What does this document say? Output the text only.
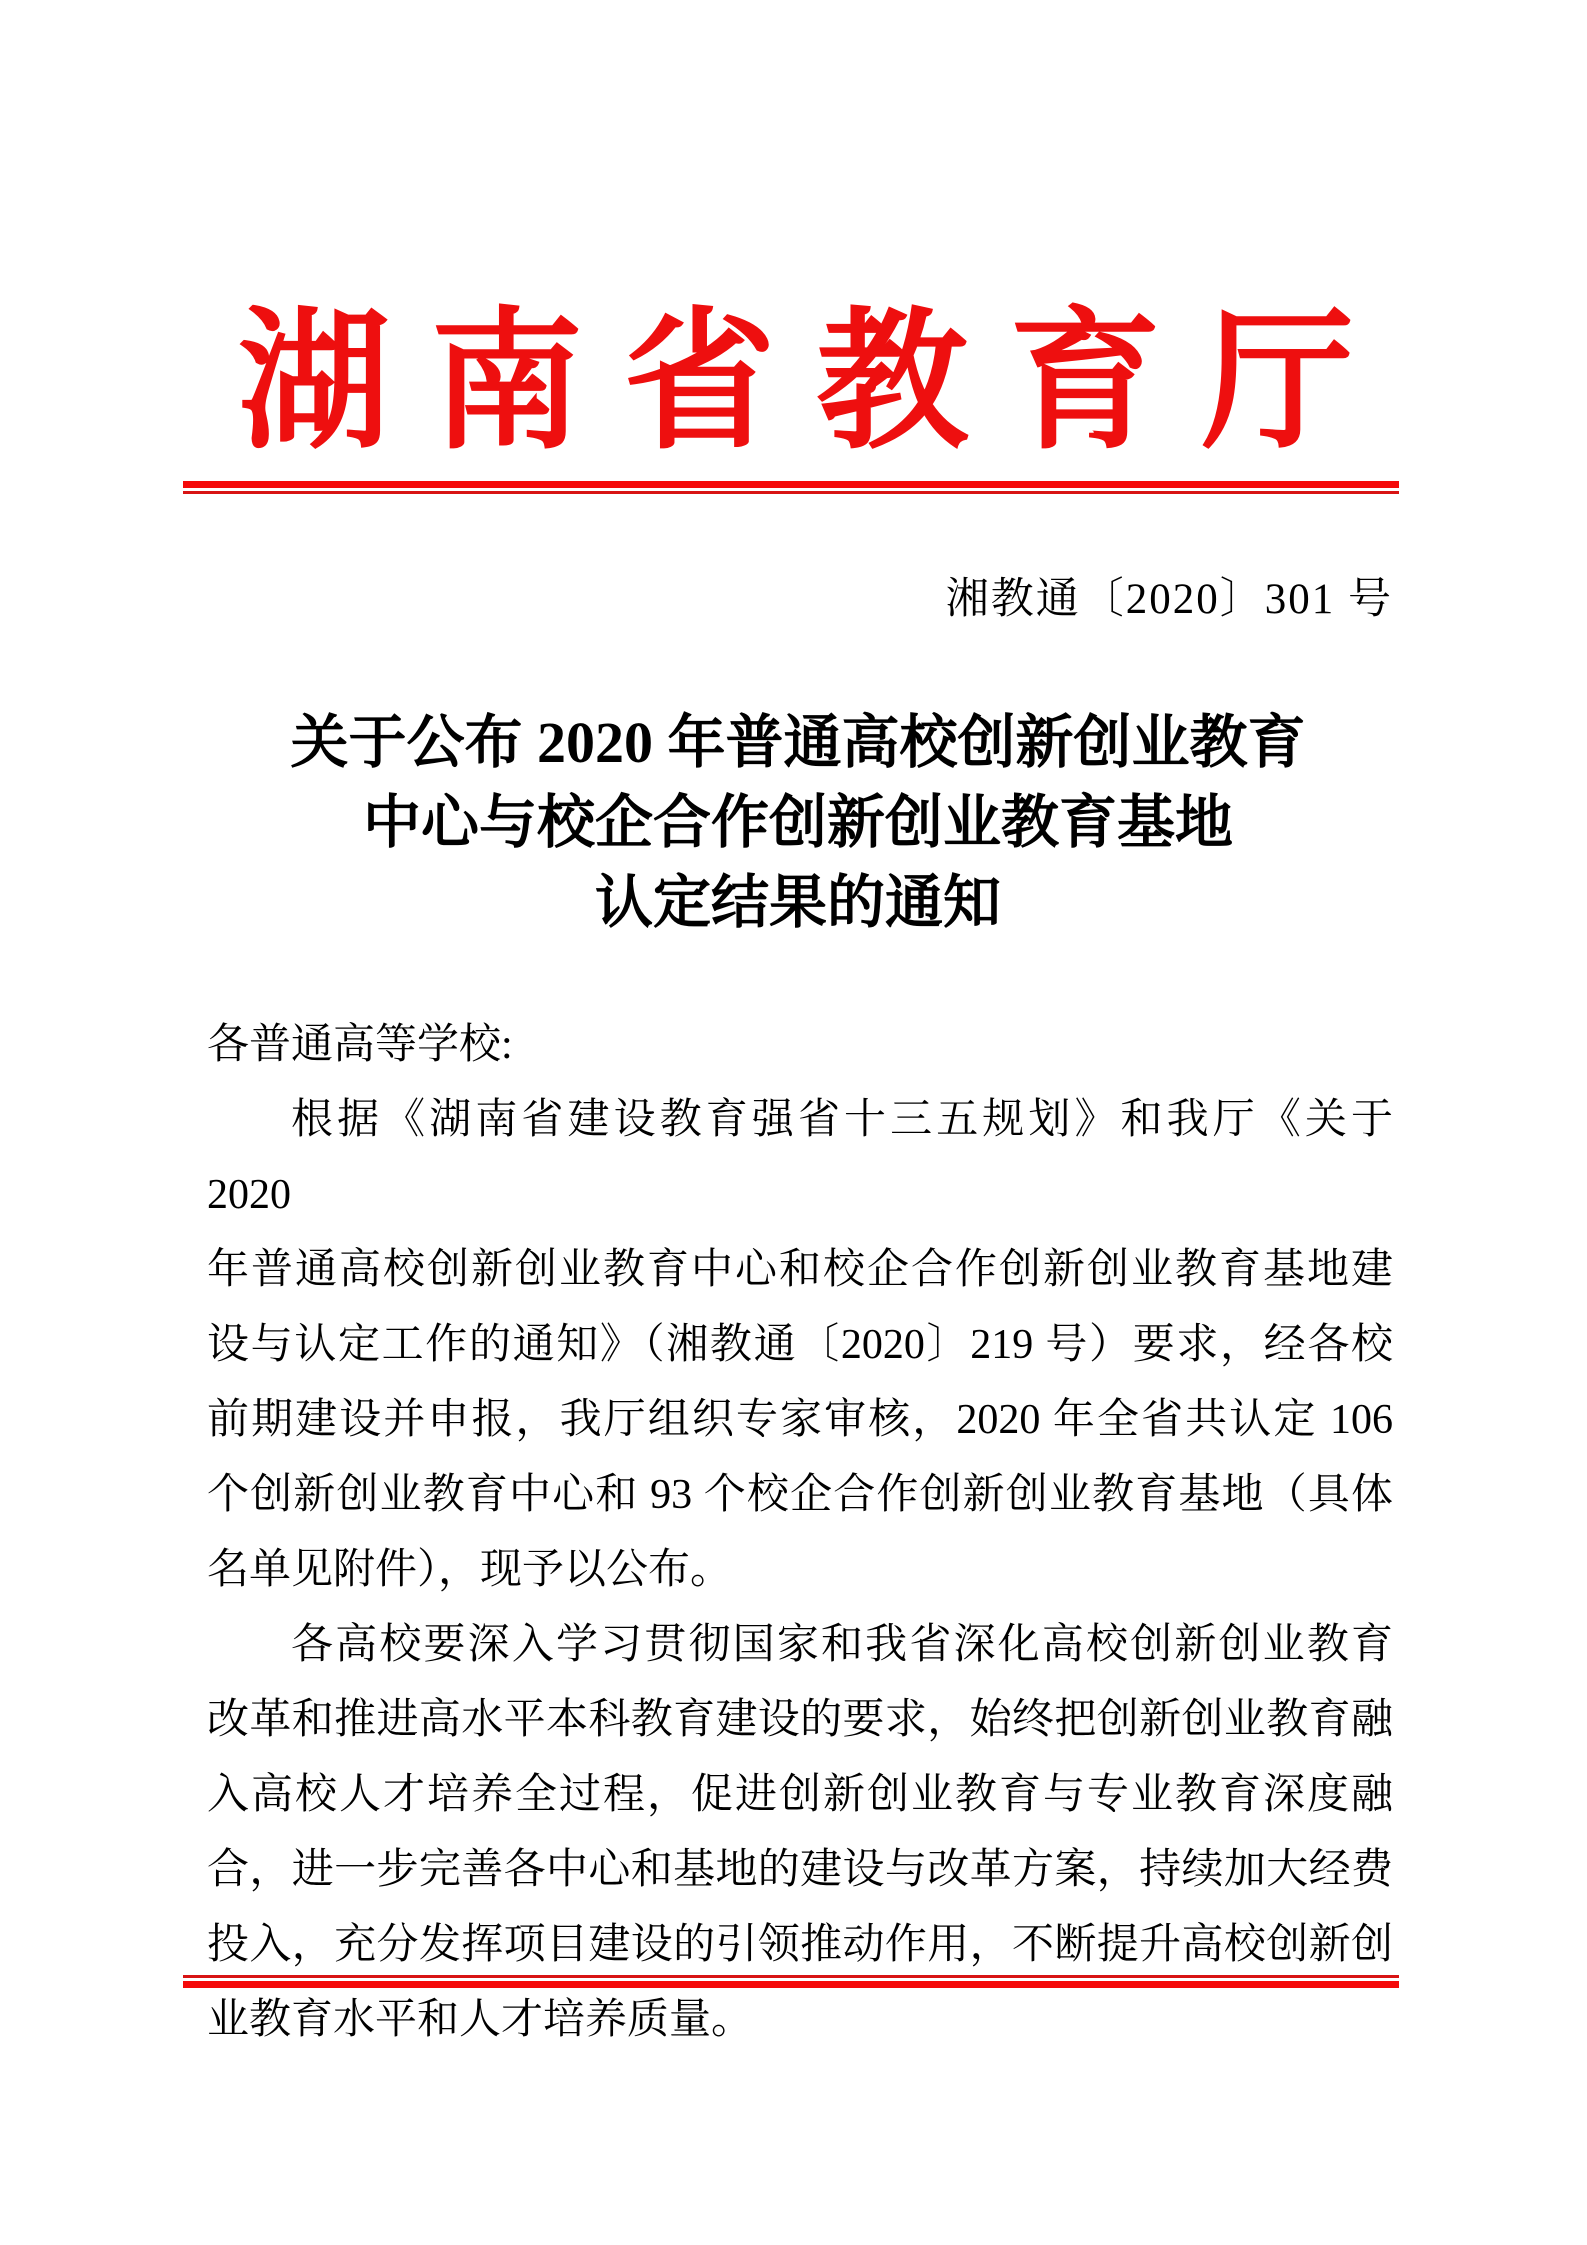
湖 南 省 教 育 厅
湘教通〔2020〕301 号
关于公布 2020 年普通高校创新创业教育
中心与校企合作创新创业教育基地
认定结果的通知
各普通高等学校:
根据《湖南省建设教育强省十三五规划》和我厅《关于 2020
年普通高校创新创业教育中心和校企合作创新创业教育基地建
设与认定工作的通知》（湘教通〔2020〕219 号）要求，经各校
前期建设并申报，我厅组织专家审核，2020 年全省共认定 106
个创新创业教育中心和 93 个校企合作创新创业教育基地（具体
名单见附件），现予以公布。
各高校要深入学习贯彻国家和我省深化高校创新创业教育
改革和推进高水平本科教育建设的要求，始终把创新创业教育融
入高校人才培养全过程，促进创新创业教育与专业教育深度融
合，进一步完善各中心和基地的建设与改革方案，持续加大经费
投入，充分发挥项目建设的引领推动作用，不断提升高校创新创
业教育水平和人才培养质量。
